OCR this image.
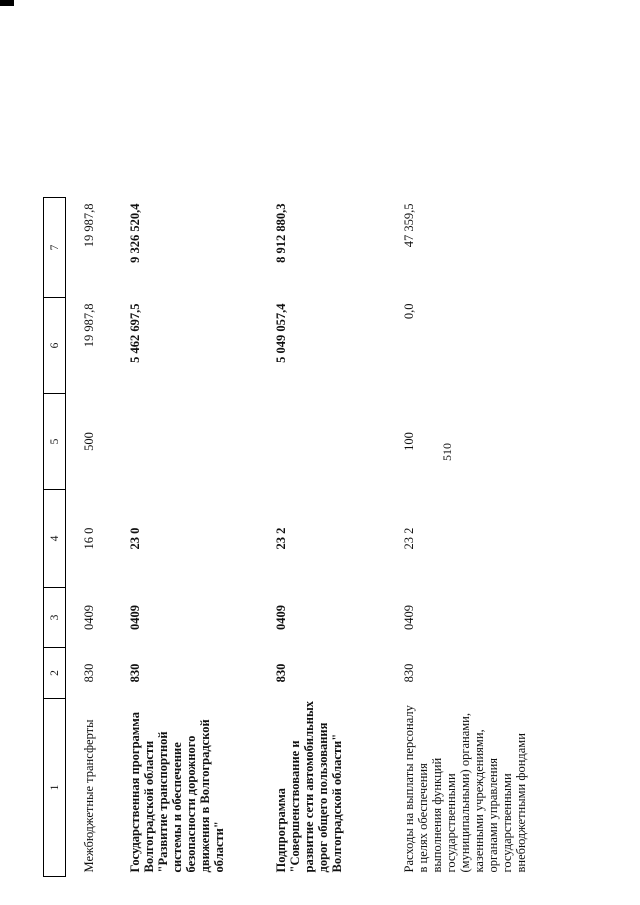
510
1	2	3	4	5	6	7

Межбюджетные трансферты	830	0409	16 0	500	19 987,8	19 987,8

Государственная программа Волгоградской области "Развитие транспортной системы и обеспечение безопасности дорожного движения в Волгоградской области"	830	0409	23 0		5 462 697,5	9 326 520,4

Подпрограмма "Совершенствование и развитие сети автомобильных дорог общего пользования Волгоградской области"	830	0409	23 2		5 049 057,4	8 912 880,3

Расходы на выплаты персоналу в целях обеспечения выполнения функций государственными (муниципальными) органами, казенными учреждениями, органами управления государственными внебюджетными фондами	830	0409	23 2	100	0,0	47 359,5
